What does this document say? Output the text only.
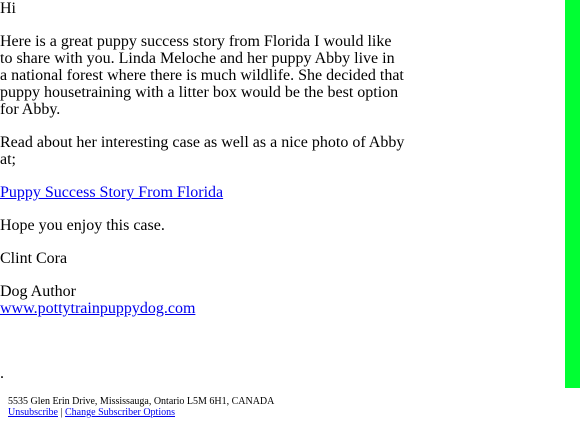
Hi

Here is a great puppy success story from Florida I would like to share with you. Linda Meloche and her puppy Abby live in a national forest where there is much wildlife. She decided that puppy housetraining with a litter box would be the best option for Abby.

Read about her interesting case as well as a nice photo of Abby at;

Puppy Success Story From Florida

Hope you enjoy this case.

Clint Cora

Dog Author

www.pottytrainpuppydog.com

.

5535 Glen Erin Drive, Mississauga, Ontario L5M 6H1, CANADA
Unsubscribe | Change Subscriber Options
